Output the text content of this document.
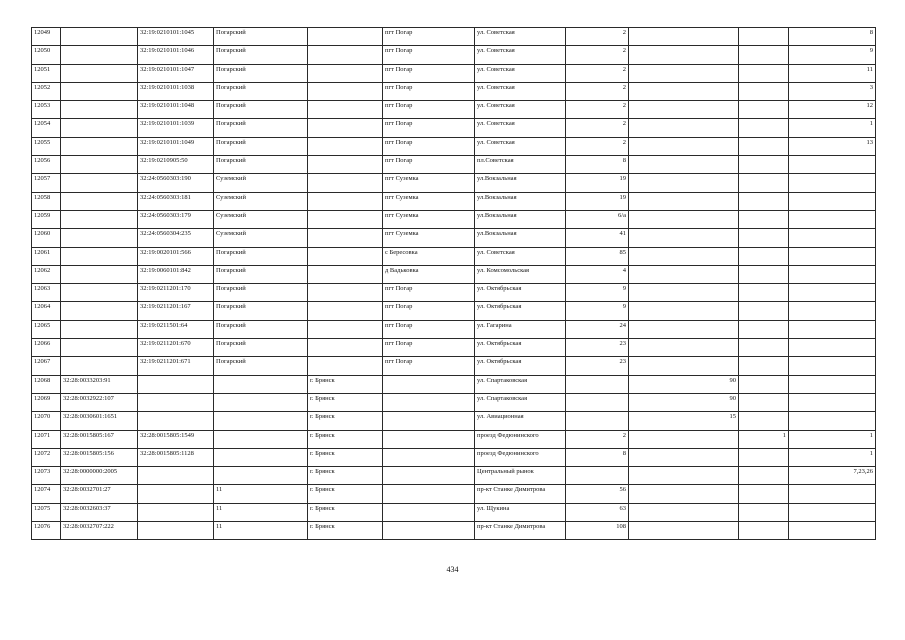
12049		32:19:0210101:1045	Погарский		пгт Погар	ул. Советская	2			8
12050		32:19:0210101:1046	Погарский		пгт Погар	ул. Советская	2			9
12051		32:19:0210101:1047	Погарский		пгт Погар	ул. Советская	2			11
12052		32:19:0210101:1038	Погарский		пгт Погар	ул. Советская	2			3
12053		32:19:0210101:1048	Погарский		пгт Погар	ул. Советская	2			12
12054		32:19:0210101:1039	Погарский		пгт Погар	ул. Советская	2			1
12055		32:19:0210101:1049	Погарский		пгт Погар	ул. Советская	2			13
12056		32:19:0210905:50	Погарский		пгт Погар	пл.Советская	8			
12057		32:24:0560303:190	Суземский		пгт Суземка	ул.Вокзальная	19			
12058		32:24:0560303:181	Суземский		пгт Суземка	ул.Вокзальная	19			
12059		32:24:0560303:179	Суземский		пгт Суземка	ул.Вокзальная	6/a			
12060		32:24:0560304:235	Суземский		пгт Суземка	ул.Вокзальная	41			
12061		32:19:0020101:566	Погарский		с Бересовка	ул. Советская	85			
12062		32:19:0060101:842	Погарский		д Вадьковка	ул. Комсомольская	4			
12063		32:19:0211201:170	Погарский		пгт Погар	ул. Октябрьская	9			
12064		32:19:0211201:167	Погарский		пгт Погар	ул. Октябрьская	9			
12065		32:19:0211501:64	Погарский		пгт Погар	ул. Гагарина	24			
12066		32:19:0211201:670	Погарский		пгт Погар	ул. Октябрьская	23			
12067		32:19:0211201:671	Погарский		пгт Погар	ул. Октябрьская	23			
12068	32:28:0033203:91			г. Брянск		ул. Спартаковская		90		
12069	32:28:0032922:107			г. Брянск		ул. Спартаковская		90		
12070	32:28:0030601:1651			г. Брянск		ул. Авиационная		15		
12071	32:28:0015805:167	32:28:0015805:1549		г. Брянск		проезд Федюнинского	2		1	1
12072	32:28:0015805:156	32:28:0015805:1128		г. Брянск		проезд Федюнинского	8			1
12073	32:28:0000000:2005			г. Брянск		Центральный рынок				7,23,26
12074	32:28:0032701:27		11	г. Брянск		пр-кт Станке Димитрова	56			
12075	32:28:0032603:37		11	г. Брянск		ул. Щукина	63			
12076	32:28:0032707:222		11	г. Брянск		пр-кт Станке Димитрова	108			
434
